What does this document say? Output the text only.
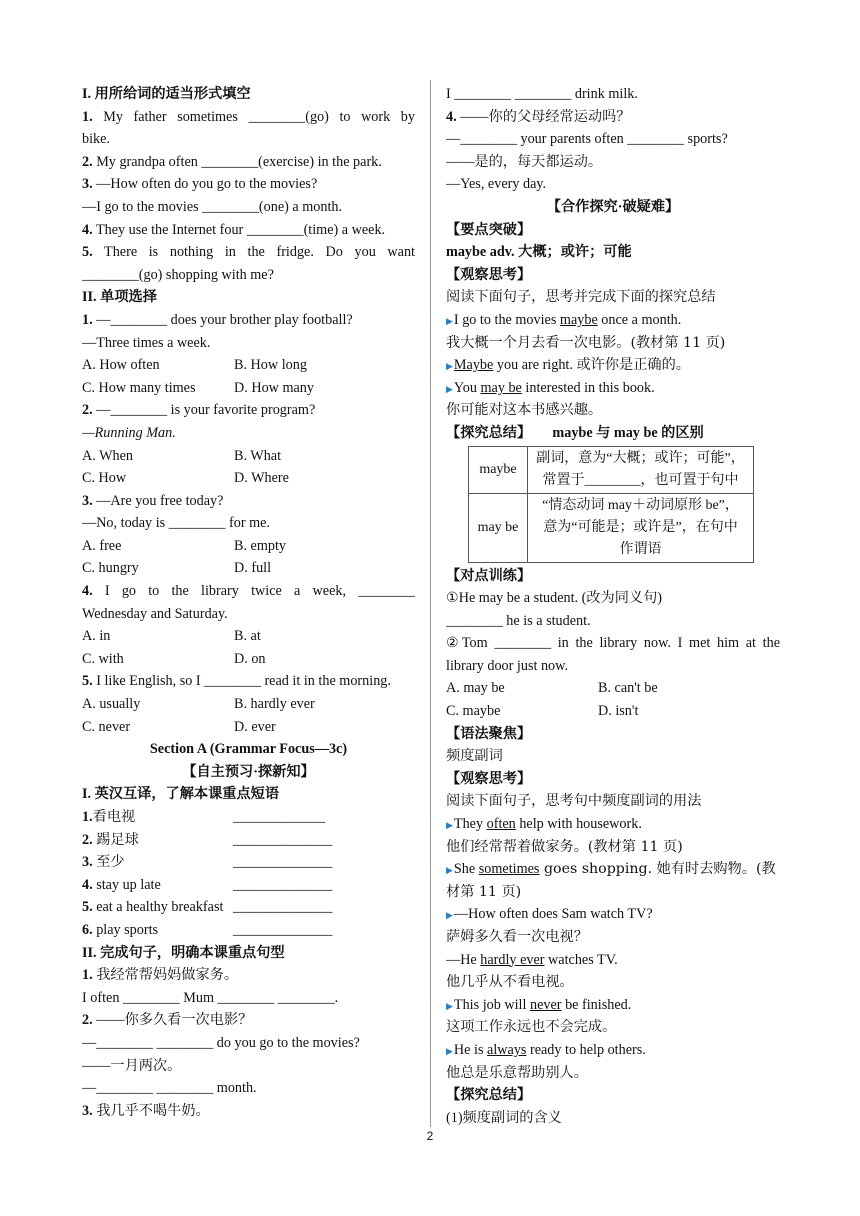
I. 用所给词的适当形式填空
1. My father sometimes ________(go) to work by
bike.
2. My grandpa often ________(exercise) in the park.
3. —How often do you go to the movies?
—I go to the movies ________(one) a month.
4. They use the Internet four ________(time) a week.
5. There is nothing in the fridge. Do you want
________(go) shopping with me?
II. 单项选择
1. —________ does your brother play football?
—Three times a week.
A. How often	B. How long
C. How many times	D. How many
2. —________ is your favorite program?
—Running Man.
A. When	B. What
C. How	D. Where
3. —Are you free today?
—No, today is ________ for me.
A. free	B. empty
C. hungry	D. full
4. I go to the library twice a week, ________
Wednesday and Saturday.
A. in	B. at
C. with	D. on
5. I like English, so I ________ read it in the morning.
A. usually	B. hardly ever
C. never	D. ever
Section A (Grammar Focus—3c)
【自主预习·探新知】
I. 英汉互译，了解本课重点短语
1.看电视	_____________
2. 踢足球	______________
3. 至少	______________
4. stay up late	______________
5. eat a healthy breakfast ______________
6. play sports	______________
II. 完成句子，明确本课重点句型
1. 我经常帮妈妈做家务。
I often ________ Mum ________ ________.
2. ——你多久看一次电影？
—________ ________ do you go to the movies?
——一月两次。
—________ ________ month.
3. 我几乎不喝牛奶。
I ________ ________ drink milk.
4. ——你的父母经常运动吗？
—________ your parents often ________ sports?
——是的，每天都运动。
—Yes, every day.
【合作探究·破疑难】
【要点突破】
maybe adv. 大概；或许；可能
【观察思考】
阅读下面句子，思考并完成下面的探究总结
▶I go to the movies maybe once a month.
我大概一个月去看一次电影。(教材第 11 页)
▶Maybe you are right. 或许你是正确的。
▶You may be interested in this book.
你可能对这本书感兴趣。
【探究总结】 maybe 与 may be 的区别
maybe	副词，意为“大概；或许；可能”，
常置于________，也可置于句中

may be	“情态动词 may＋动词原形 be”，
意为“可能是；或许是”，在句中
作谓语
【对点训练】
①He may be a student. (改为同义句)
________ he is a student.
②Tom ________ in the library now. I met him at the
library door just now.
A. may be	B. can't be
C. maybe	D. isn't
【语法聚焦】
频度副词
【观察思考】
阅读下面句子，思考句中频度副词的用法
▶They often help with housework.
他们经常帮着做家务。(教材第 11 页)
▶She sometimes goes shopping. 她有时去购物。(教
材第 11 页)
▶—How often does Sam watch TV?
萨姆多久看一次电视？
—He hardly ever watches TV.
他几乎从不看电视。
▶This job will never be finished.
这项工作永远也不会完成。
▶He is always ready to help others.
他总是乐意帮助别人。
【探究总结】
(1)频度副词的含义
2
